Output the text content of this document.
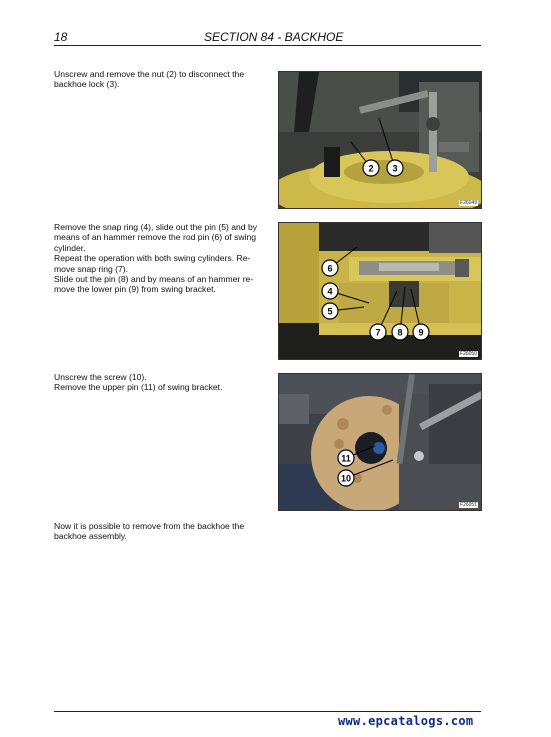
18	SECTION 84 - BACKHOE

Unscrew and remove the nut (2) to disconnect the

backhoe lock (3).

2 3
F26049

Remove the snap ring (4), slide out the pin (5) and by

means of an hammer remove the rod pin (6) of swing

cylinder.

Repeat the operation with both swing cylinders. Re-

move snap ring (7).

Slide out the pin (8) and by means of an hammer re-

move the lower pin (9) from swing bracket.

6
4
5
7 8 9
F26050

Unscrew the screw (10).

Remove the upper pin (11) of swing bracket.

11
10
F26051

Now it is possible to remove from the backhoe the

backhoe assembly.

www.epcatalogs.com
